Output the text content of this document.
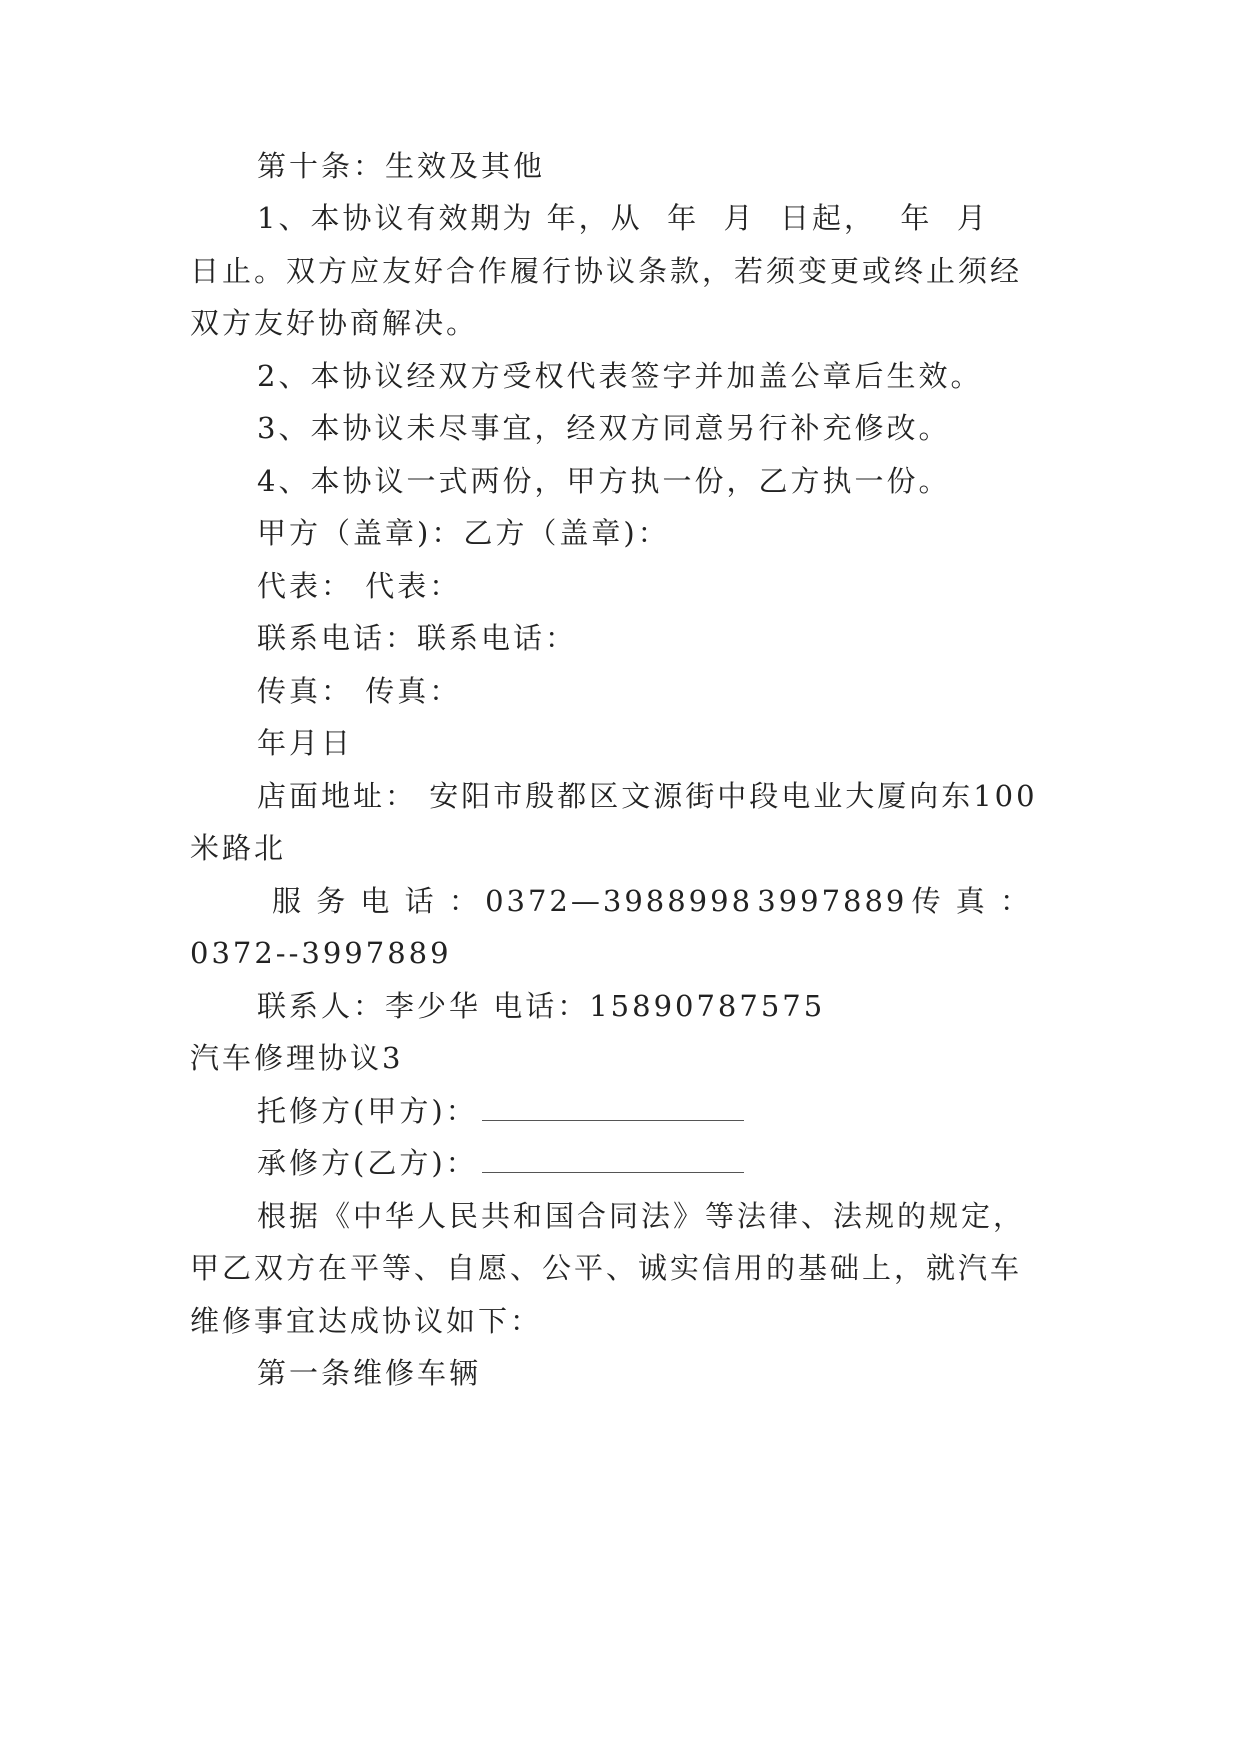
第十条：生效及其他
1、本协议有效期为 年，从  年  月  日起，  年  月
日止。双方应友好合作履行协议条款，若须变更或终止须经
双方友好协商解决。
2、本协议经双方受权代表签字并加盖公章后生效。
3、本协议未尽事宜，经双方同意另行补充修改。
4、本协议一式两份，甲方执一份，乙方执一份。
甲方（盖章)：乙方（盖章)：
代表： 代表：
联系电话：联系电话：
传真： 传真：
年月日
店面地址： 安阳市殷都区文源街中段电业大厦向东100
米路北
服 务 电 话 ： 0372—3988998 3997889 传 真 ：
0372--3997889
联系人：李少华 电话：15890787575
汽车修理协议3
托修方(甲方)：
承修方(乙方)：
根据《中华人民共和国合同法》等法律、法规的规定，
甲乙双方在平等、自愿、公平、诚实信用的基础上，就汽车
维修事宜达成协议如下：
第一条维修车辆
